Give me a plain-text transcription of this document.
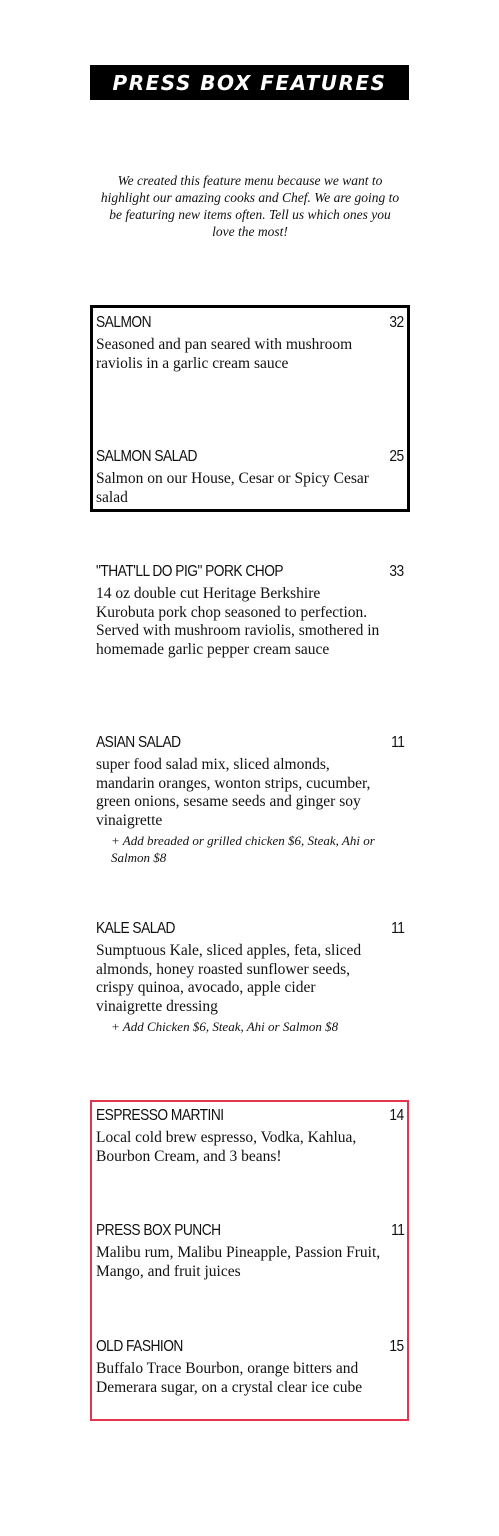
PRESS BOX FEATURES
We created this feature menu because we want to highlight our amazing cooks and Chef. We are going to be featuring new items often. Tell us which ones you love the most!
SALMON	32
Seasoned and pan seared with mushroom raviolis in a garlic cream sauce
SALMON SALAD	25
Salmon on our House, Cesar or Spicy Cesar salad
"THAT'LL DO PIG" PORK CHOP	33
14 oz double cut Heritage Berkshire Kurobuta pork chop seasoned to perfection. Served with mushroom raviolis, smothered in homemade garlic pepper cream sauce
ASIAN SALAD	11
super food salad mix, sliced almonds, mandarin oranges, wonton strips, cucumber, green onions, sesame seeds and ginger soy vinaigrette
+ Add breaded or grilled chicken $6, Steak, Ahi or Salmon $8
KALE SALAD	11
Sumptuous Kale, sliced apples, feta, sliced almonds, honey roasted sunflower seeds, crispy quinoa, avocado, apple cider vinaigrette dressing
+ Add Chicken $6, Steak, Ahi or Salmon $8
ESPRESSO MARTINI	14
Local cold brew espresso, Vodka, Kahlua, Bourbon Cream, and 3 beans!
PRESS BOX PUNCH	11
Malibu rum, Malibu Pineapple, Passion Fruit, Mango, and fruit juices
OLD FASHION	15
Buffalo Trace Bourbon, orange bitters and Demerara sugar, on a crystal clear ice cube
